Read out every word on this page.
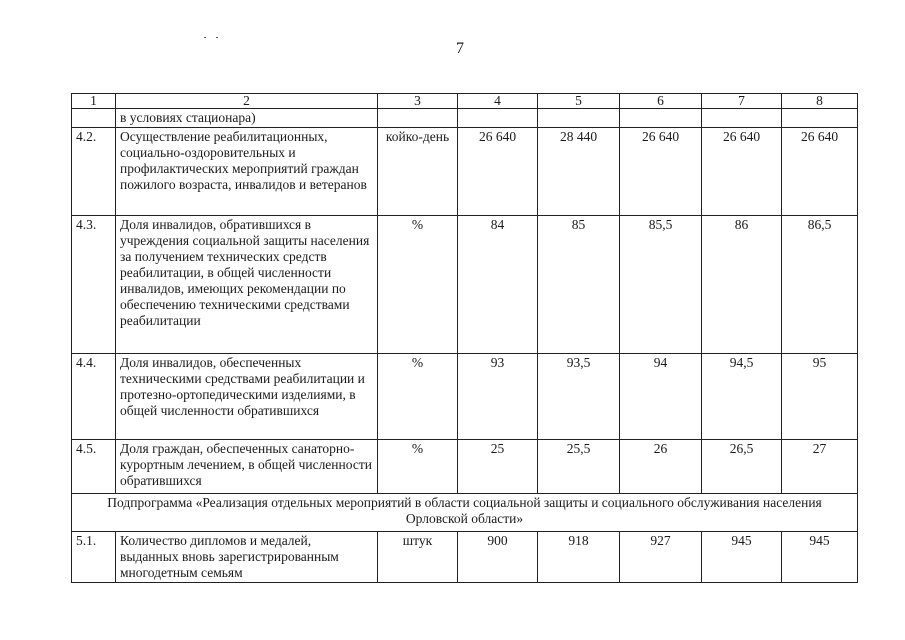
7
1	2	3	4	5	6	7	8
	в условиях стационара)						
4.2.	Осуществление реабилитационных, социально-оздоровительных и профилактических мероприятий граждан пожилого возраста, инвалидов и ветеранов	койко-день	26 640	28 440	26 640	26 640	26 640
4.3.	Доля инвалидов, обратившихся в учреждения социальной защиты населения за получением технических средств реабилитации, в общей численности инвалидов, имеющих рекомендации по обеспечению техническими средствами реабилитации	%	84	85	85,5	86	86,5
4.4.	Доля инвалидов, обеспеченных техническими средствами реабилитации и протезно-ортопедическими изделиями, в общей численности обратившихся	%	93	93,5	94	94,5	95
4.5.	Доля граждан, обеспеченных санаторно-курортным лечением, в общей численности обратившихся	%	25	25,5	26	26,5	27
Подпрограмма «Реализация отдельных мероприятий в области социальной защиты и социального обслуживания населения Орловской области»							
5.1.	Количество дипломов и медалей, выданных вновь зарегистрированным многодетным семьям	штук	900	918	927	945	945
